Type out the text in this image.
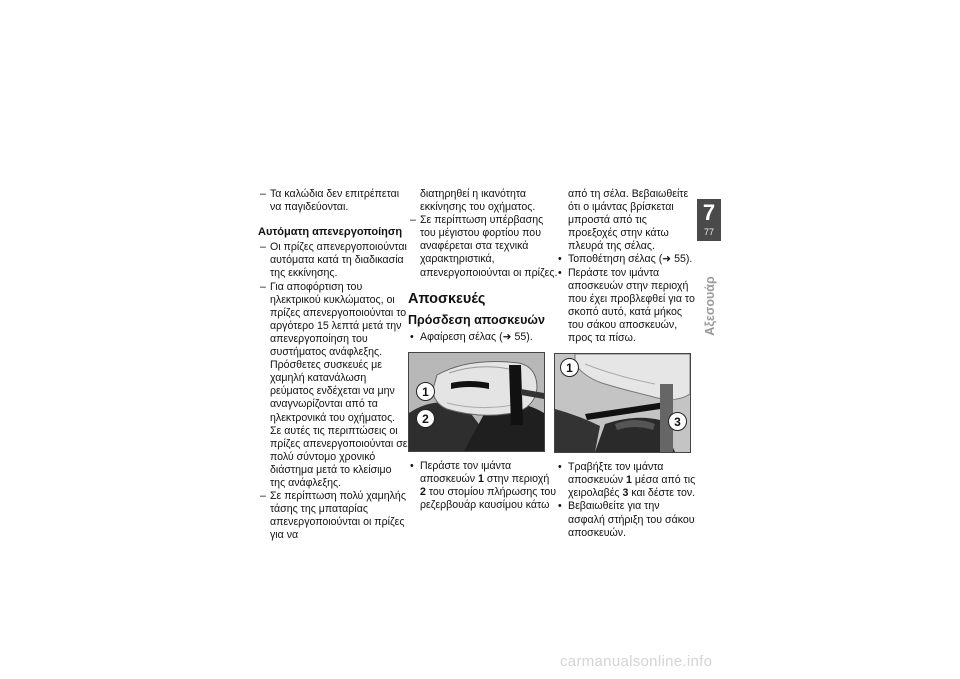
– Τα καλώδια δεν επιτρέπεται να παγιδεύονται.

Αυτόματη απενεργοποίηση

– Οι πρίζες απενεργοποιούνται αυτόματα κατά τη διαδικασία της εκκίνησης.

– Για αποφόρτιση του ηλεκτρικού κυκλώματος, οι πρίζες απενεργοποιούνται το αργότερο 15 λεπτά μετά την απενεργοποίηση του συστήματος ανάφλεξης. Πρόσθετες συσκευές με χαμηλή κατανάλωση ρεύματος ενδέχεται να μην αναγνωρίζονται από τα ηλεκτρονικά του οχήματος. Σε αυτές τις περιπτώσεις οι πρίζες απενεργοποιούνται σε πολύ σύντομο χρονικό διάστημα μετά το κλείσιμο της ανάφλεξης.

– Σε περίπτωση πολύ χαμηλής τάσης της μπαταρίας απενεργοποιούνται οι πρίζες για να

διατηρηθεί η ικανότητα εκκίνησης του οχήματος.

– Σε περίπτωση υπέρβασης του μέγιστου φορτίου που αναφέρεται στα τεχνικά χαρακτηριστικά, απενεργοποιούνται οι πρίζες.

Αποσκευές
Πρόσδεση αποσκευών

• Αφαίρεση σέλας (➜ 55).

1
2

• Περάστε τον ιμάντα αποσκευών 1 στην περιοχή 2 του στομίου πλήρωσης του ρεζερβουάρ καυσίμου κάτω

από τη σέλα. Βεβαιωθείτε ότι ο ιμάντας βρίσκεται μπροστά από τις προεξοχές στην κάτω πλευρά της σέλας.

• Τοποθέτηση σέλας (➜ 55).

• Περάστε τον ιμάντα αποσκευών στην περιοχή που έχει προβλεφθεί για το σκοπό αυτό, κατά μήκος του σάκου αποσκευών, προς τα πίσω.

1
3

• Τραβήξτε τον ιμάντα αποσκευών 1 μέσα από τις χειρολαβές 3 και δέστε τον.

• Βεβαιωθείτε για την ασφαλή στήριξη του σάκου αποσκευών.

7
77
Αξεσουάρ
carmanualsonline.info
